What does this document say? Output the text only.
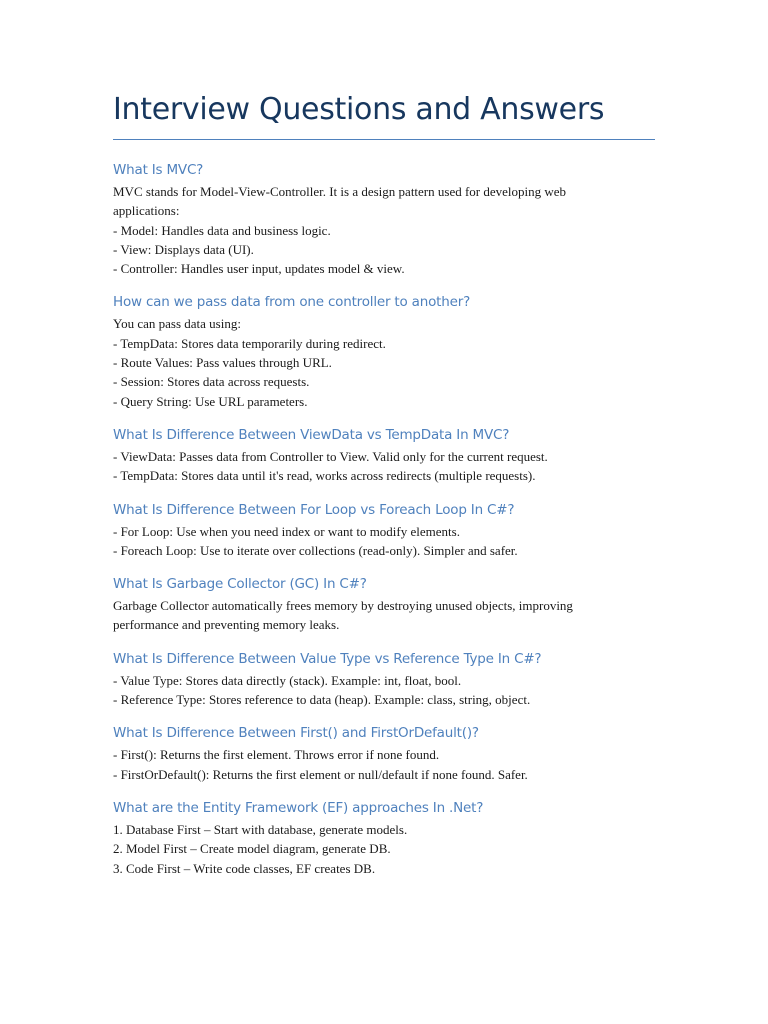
Interview Questions and Answers
What Is MVC?
MVC stands for Model-View-Controller. It is a design pattern used for developing web
applications:
- Model: Handles data and business logic.
- View: Displays data (UI).
- Controller: Handles user input, updates model & view.
How can we pass data from one controller to another?
You can pass data using:
- TempData: Stores data temporarily during redirect.
- Route Values: Pass values through URL.
- Session: Stores data across requests.
- Query String: Use URL parameters.
What Is Difference Between ViewData vs TempData In MVC?
- ViewData: Passes data from Controller to View. Valid only for the current request.
- TempData: Stores data until it's read, works across redirects (multiple requests).
What Is Difference Between For Loop vs Foreach Loop In C#?
- For Loop: Use when you need index or want to modify elements.
- Foreach Loop: Use to iterate over collections (read-only). Simpler and safer.
What Is Garbage Collector (GC) In C#?
Garbage Collector automatically frees memory by destroying unused objects, improving
performance and preventing memory leaks.
What Is Difference Between Value Type vs Reference Type In C#?
- Value Type: Stores data directly (stack). Example: int, float, bool.
- Reference Type: Stores reference to data (heap). Example: class, string, object.
What Is Difference Between First() and FirstOrDefault()?
- First(): Returns the first element. Throws error if none found.
- FirstOrDefault(): Returns the first element or null/default if none found. Safer.
What are the Entity Framework (EF) approaches In .Net?
1. Database First – Start with database, generate models.
2. Model First – Create model diagram, generate DB.
3. Code First – Write code classes, EF creates DB.
